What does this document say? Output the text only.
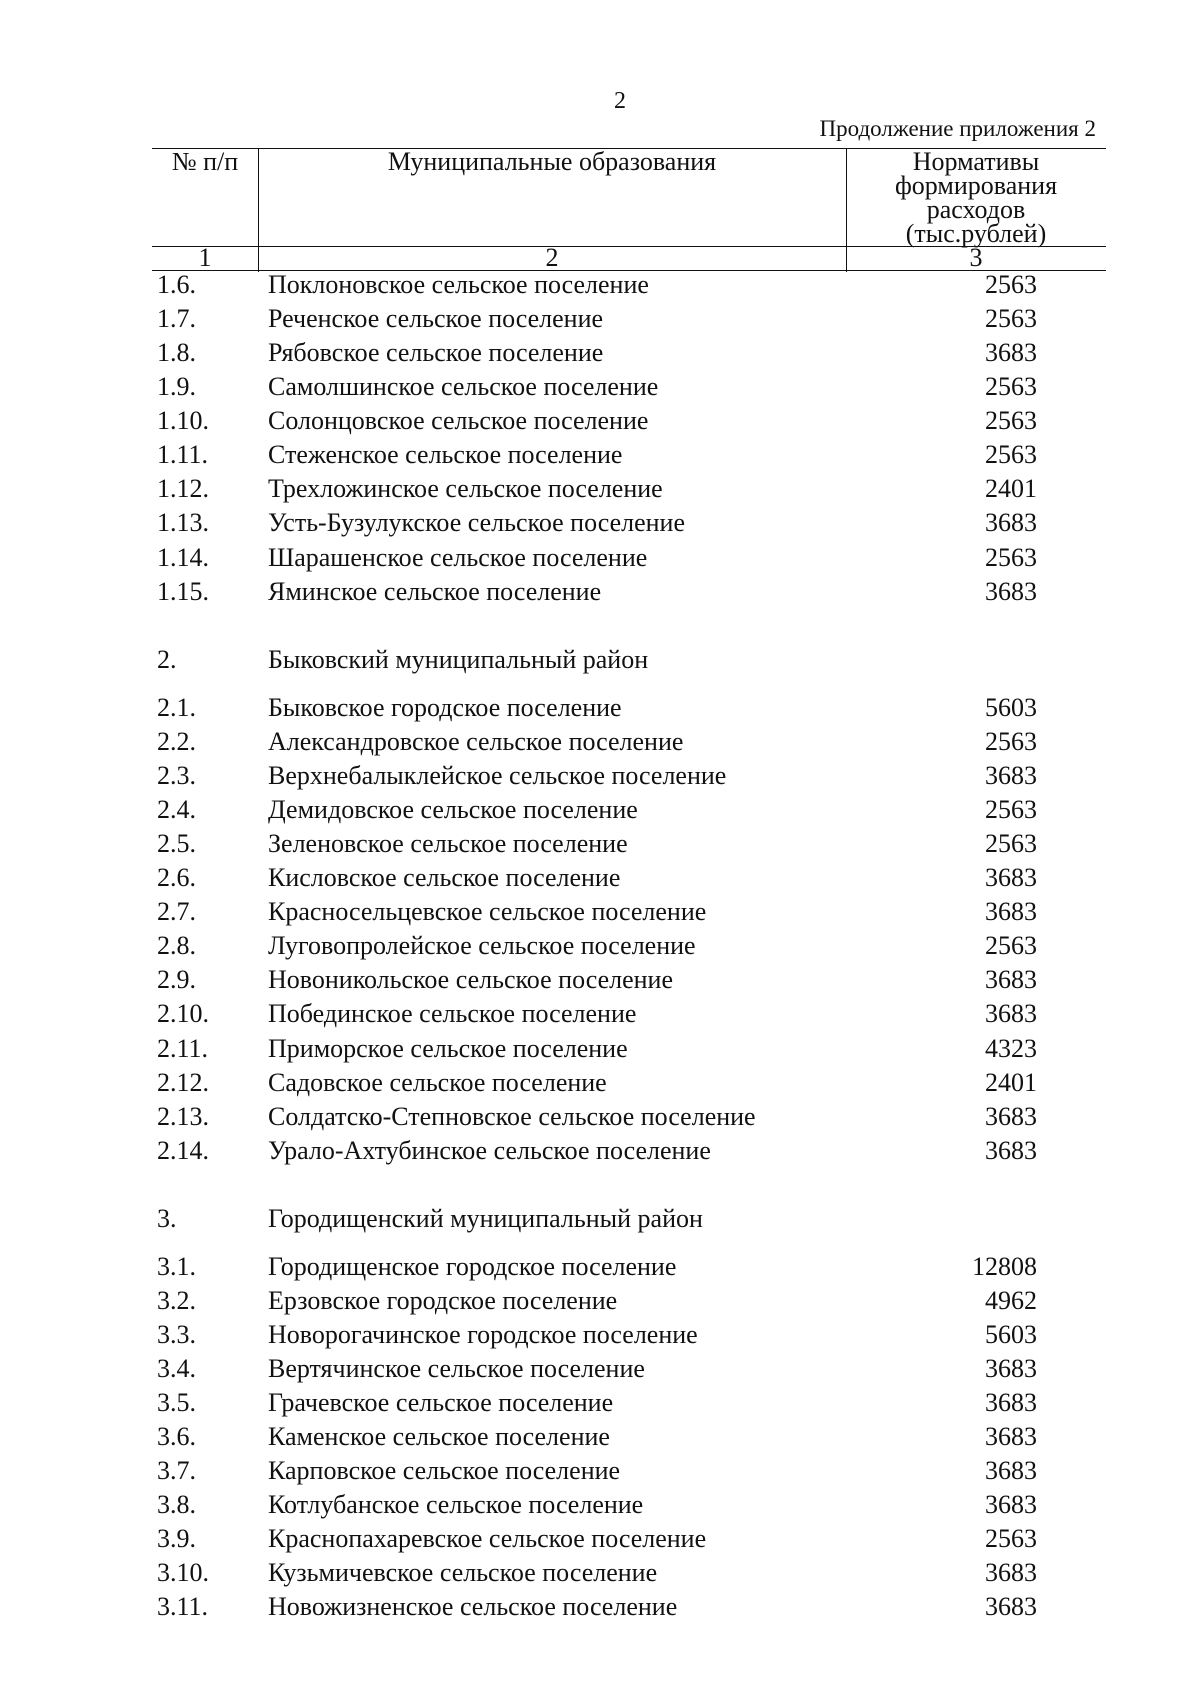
2
Продолжение приложения 2
№ п/п	Муниципальные образования	Нормативы
формирования
расходов
(тыс.рублей)
1	2	3
1.6.	Поклоновское сельское поселение	2563
1.7.	Реченское сельское поселение	2563
1.8.	Рябовское сельское поселение	3683
1.9.	Самолшинское сельское поселение	2563
1.10. Солонцовское сельское поселение	2563
1.11. Стеженское сельское поселение	2563
1.12. Трехложинское сельское поселение	2401
1.13. Усть-Бузулукское сельское поселение	3683
1.14. Шарашенское сельское поселение	2563
1.15. Яминское сельское поселение	3683
2.	Быковский муниципальный район
2.1.	Быковское городское поселение	5603
2.2.	Александровское сельское поселение	2563
2.3.	Верхнебалыклейское сельское поселение	3683
2.4.	Демидовское сельское поселение	2563
2.5.	Зеленовское сельское поселение	2563
2.6.	Кисловское сельское поселение	3683
2.7.	Красносельцевское сельское поселение	3683
2.8.	Луговопролейское сельское поселение	2563
2.9.	Новоникольское сельское поселение	3683
2.10. Побединское сельское поселение	3683
2.11. Приморское сельское поселение	4323
2.12. Садовское сельское поселение	2401
2.13. Солдатско-Степновское сельское поселение	3683
2.14. Урало-Ахтубинское сельское поселение	3683
3.	Городищенский муниципальный район
3.1.	Городищенское городское поселение	12808
3.2.	Ерзовское городское поселение	4962
3.3.	Новорогачинское городское поселение	5603
3.4.	Вертячинское сельское поселение	3683
3.5.	Грачевское сельское поселение	3683
3.6.	Каменское сельское поселение	3683
3.7.	Карповское сельское поселение	3683
3.8.	Котлубанское сельское поселение	3683
3.9.	Краснопахаревское сельское поселение	2563
3.10. Кузьмичевское сельское поселение	3683
3.11. Новожизненское сельское поселение	3683
